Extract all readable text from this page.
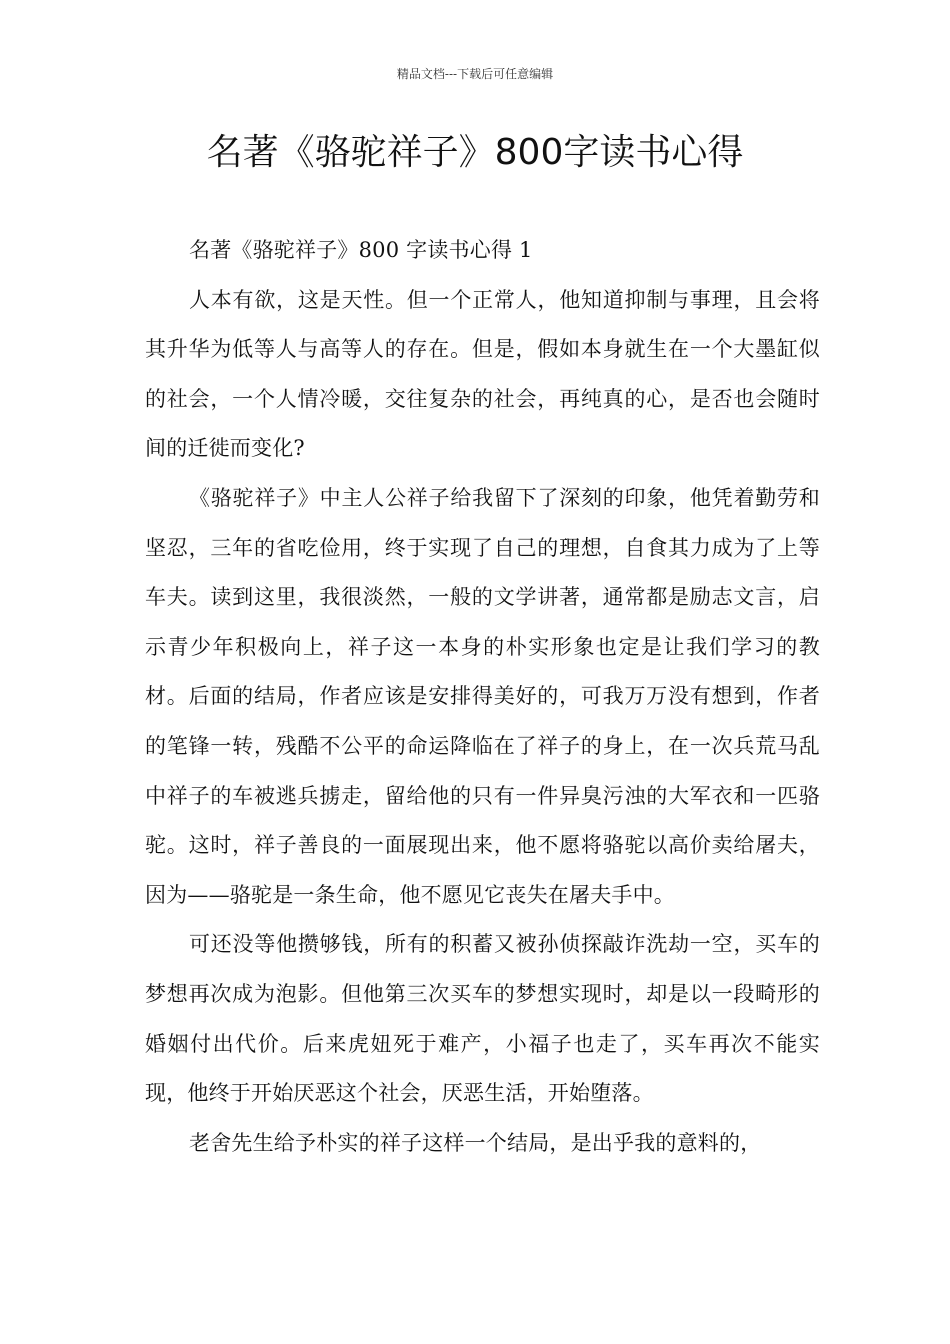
精品文档---下载后可任意编辑
名著《骆驼祥子》800字读书心得

名著《骆驼祥子》800 字读书心得 1

人本有欲，这是天性。但一个正常人，他知道抑制与事理，且会将其升华为低等人与高等人的存在。但是，假如本身就生在一个大墨缸似的社会，一个人情冷暖，交往复杂的社会，再纯真的心，是否也会随时间的迁徙而变化?

《骆驼祥子》中主人公祥子给我留下了深刻的印象，他凭着勤劳和坚忍，三年的省吃俭用，终于实现了自己的理想，自食其力成为了上等车夫。读到这里，我很淡然，一般的文学讲著，通常都是励志文言，启示青少年积极向上，祥子这一本身的朴实形象也定是让我们学习的教材。后面的结局，作者应该是安排得美好的，可我万万没有想到，作者的笔锋一转，残酷不公平的命运降临在了祥子的身上，在一次兵荒马乱中祥子的车被逃兵掳走，留给他的只有一件异臭污浊的大军衣和一匹骆驼。这时，祥子善良的一面展现出来，他不愿将骆驼以高价卖给屠夫，因为——骆驼是一条生命，他不愿见它丧失在屠夫手中。

可还没等他攒够钱，所有的积蓄又被孙侦探敲诈洗劫一空，买车的梦想再次成为泡影。但他第三次买车的梦想实现时，却是以一段畸形的婚姻付出代价。后来虎妞死于难产，小福子也走了，买车再次不能实现，他终于开始厌恶这个社会，厌恶生活，开始堕落。

老舍先生给予朴实的祥子这样一个结局，是出乎我的意料的，
